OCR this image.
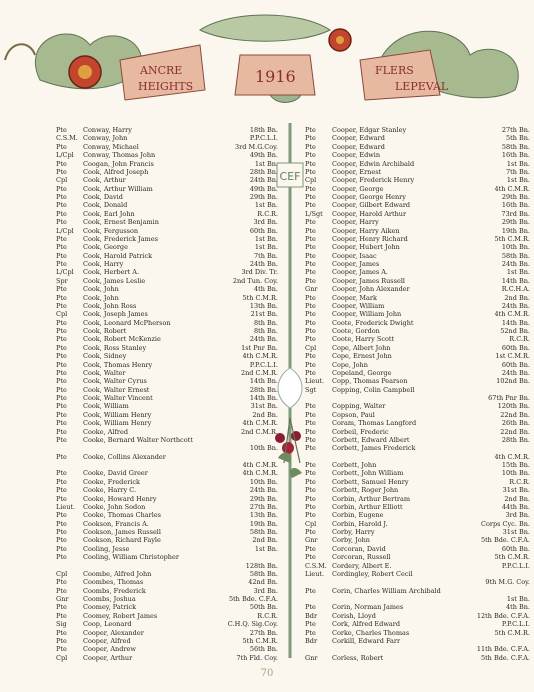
ANCRE
HEIGHTS
1916	FLERS
LEPEVAL
CEF
Pte Conway, Harry	18th Bn.
C.S.M. Conway, John	P.P.C.L.I.
Pte Conway, Michael	3rd M.G.Coy.
L/Cpl Conway, Thomas John	49th Bn.
Pte Coogan, John Francis	1st Bn.
Pte Cook, Alfred Joseph	28th Bn.
Cpl Cook, Arthur	24th Bn.
Pte Cook, Arthur William	49th Bn.
Pte Cook, David	29th Bn.
Pte Cook, Donald	1st Bn.
Pte Cook, Earl John	R.C.R.
Pte Cook, Ernest Benjamin	3rd Bn.
L/Cpl Cook, Fergusson	60th Bn.
Pte Cook, Frederick James	1st Bn.
Pte Cook, George	1st Bn.
Pte Cook, Harold Patrick	7th Bn.
Pte Cook, Harry	24th Bn.
L/Cpl Cook, Herbert A.	3rd Div. Tr.
Spr Cook, James Leslie	2nd Tun. Coy.
Pte Cook, John	4th Bn.
Pte Cook, John	5th C.M.R.
Pte Cook, John Ross	13th Bn.
Cpl Cook, Joseph James	21st Bn.
Pte Cook, Leonard McPherson	8th Bn.
Pte Cook, Robert	8th Bn.
Pte Cook, Robert McKenzie	24th Bn.
Pte Cook, Ross Stanley	1st Pnr Bn.
Pte Cook, Sidney	4th C.M.R.
Pte Cook, Thomas Henry	P.P.C.L.I.
Pte Cook, Walter	2nd C.M.R.
Pte Cook, Walter Cyrus	14th Bn.
Pte Cook, Walter Ernest	28th Bn.
Pte Cook, Walter Vincent	14th Bn.
Pte Cook, William	31st Bn.
Pte Cook, William Henry	2nd Bn.
Pte Cook, William Henry	4th C.M.R.
Pte Cooke, Alfred	2nd C.M.R.
Pte Cooke, Bernard Walter Northcott
10th Bn.
Pte Cooke, Collins Alexander
4th C.M.R.
Pte Cooke, David Greer	4th C.M.R.
Pte Cooke, Frederick	10th Bn.
Pte Cooke, Harry C.	24th Bn.
Pte Cooke, Howard Henry	29th Bn.
Lieut. Cooke, John Sodon	27th Bn.
Pte Cooke, Thomas Charles	13th Bn.
Pte Cookson, Francis A.	19th Bn.
Pte Cookson, James Russell	58th Bn.
Pte Cookson, Richard Fayle	2nd Bn.
Pte Cooling, Jesse	1st Bn.
Pte Cooling, William Christopher
128th Bn.
Cpl Coombe, Alfred John	58th Bn.
Pte Coombes, Thomas	42nd Bn.
Pte Coombs, Frederick	3rd Bn.
Gnr Coombs, Joshua	5th Bde. C.F.A.
Pte Coomey, Patrick	50th Bn.
Pte Coomey, Robert James	R.C.R.
Sig	Coop, Leonard	C.H.Q. Sig.Coy.
Pte Cooper, Alexander	27th Bn.
Pte Cooper, Alfred	5th C.M.R.
Pte Cooper, Andrew	56th Bn.
Cpl Cooper, Arthur	7th Fld. Coy.
Pte Cooper, Edgar Stanley	27th Bn.
Pte Cooper, Edward	5th Bn.
Pte Cooper, Edward	58th Bn.
Pte Cooper, Edwin	16th Bn.
Pte Cooper, Edwin Archibald	1st Bn.
Pte Cooper, Ernest	7th Bn.
Cpl Cooper, Frederick Henry	1st Bn.
Pte Cooper, George	4th C.M.R.
Pte Cooper, George Henry	29th Bn.
Pte Cooper, Gilbert Edward	16th Bn.
L/Sgt Cooper, Harold Arthur	73rd Bn.
Pte Cooper, Harry	29th Bn.
Pte Cooper, Harry Aiken	19th Bn.
Pte Cooper, Henry Richard	5th C.M.R.
Pte Cooper, Hubert John	10th Bn.
Pte Cooper, Isaac	58th Bn.
Pte Cooper, James	24th Bn.
Pte Cooper, James A.	1st Bn.
Pte Cooper, James Russell	14th Bn.
Gnr Cooper, John Alexander	R.C.H.A.
Pte Cooper, Mark	2nd Bn.
Pte Cooper, William	24th Bn.
Pte Cooper, William John	4th C.M.R.
Pte Coote, Frederick Dwight	14th Bn.
Pte Coote, Gordon	52nd Bn.
Pte Coote, Harry Scott	R.C.R.
Cpl Cope, Albert John	60th Bn.
Pte Cope, Ernest John	1st C.M.R.
Pte Cope, John	60th Bn.
Pte Copeland, George	24th Bn.
Lieut. Copp, Thomas Pearson	102nd Bn.
Sgt Copping, Colin Campbell
67th Pnr Bn.
Pte Copping, Walter	120th Bn.
Pte Copson, Paul	22nd Bn.
Pte Coram, Thomas Langford	26th Bn.
Pte Corbeil, Frederic	22nd Bn.
Pte Corbett, Edward Albert	28th Bn.
Pte Corbett, James Frederick
4th C.M.R.
Pte Corbett, John	15th Bn.
Pte Corbett, John William	10th Bn.
Pte Corbett, Samuel Henry	R.C.R.
Pte Corbett, Roger John	31st Bn.
Pte Corbin, Arthur Bertram	2nd Bn.
Pte Corbin, Arthur Elliott	44th Bn.
Pte Corbin, Eugene	3rd Bn.
Cpl Corbin, Harold J.	Corps Cyc. Bn.
Pte Corby, Harry	31st Bn.
Gnr Corby, John	5th Bde. C.F.A.
Pte Corcoran, David	60th Bn.
Pte Corcoran, Russell	5th C.M.R.
C.S.M. Cordery, Albert E.	P.P.C.L.I.
Lieut. Cordingley, Robert Cecil
9th M.G. Coy.
Pte Corin, Charles William Archibald
1st Bn.
Pte Corin, Norman James	4th Bn.
Bdr Corish, Lloyd	12th Bde. C.F.A.
Pte Cork, Alfred Edward	P.P.C.L.I.
Pte Corke, Charles Thomas	5th C.M.R.
Bdr Corkill, Edward Farr
11th Bde. C.F.A.
Gnr Corless, Robert	5th Bde. C.F.A.
70
